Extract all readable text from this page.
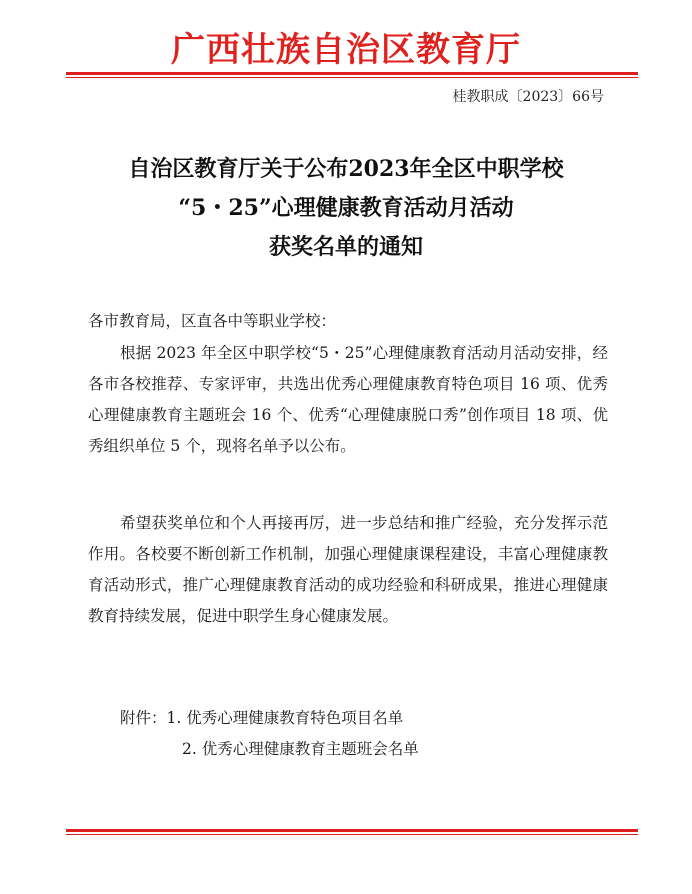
广西壮族自治区教育厅
桂教职成〔2023〕66号
自治区教育厅关于公布2023年全区中职学校
“5・25”心理健康教育活动月活动
获奖名单的通知
各市教育局，区直各中等职业学校：
根据 2023 年全区中职学校“5・25”心理健康教育活动月活动安排，经各市各校推荐、专家评审，共选出优秀心理健康教育特色项目 16 项、优秀心理健康教育主题班会 16 个、优秀“心理健康脱口秀”创作项目 18 项、优秀组织单位 5 个，现将名单予以公布。
希望获奖单位和个人再接再厉，进一步总结和推广经验，充分发挥示范作用。各校要不断创新工作机制，加强心理健康课程建设，丰富心理健康教育活动形式，推广心理健康教育活动的成功经验和科研成果，推进心理健康教育持续发展，促进中职学生身心健康发展。
附件：1. 优秀心理健康教育特色项目名单
2. 优秀心理健康教育主题班会名单
